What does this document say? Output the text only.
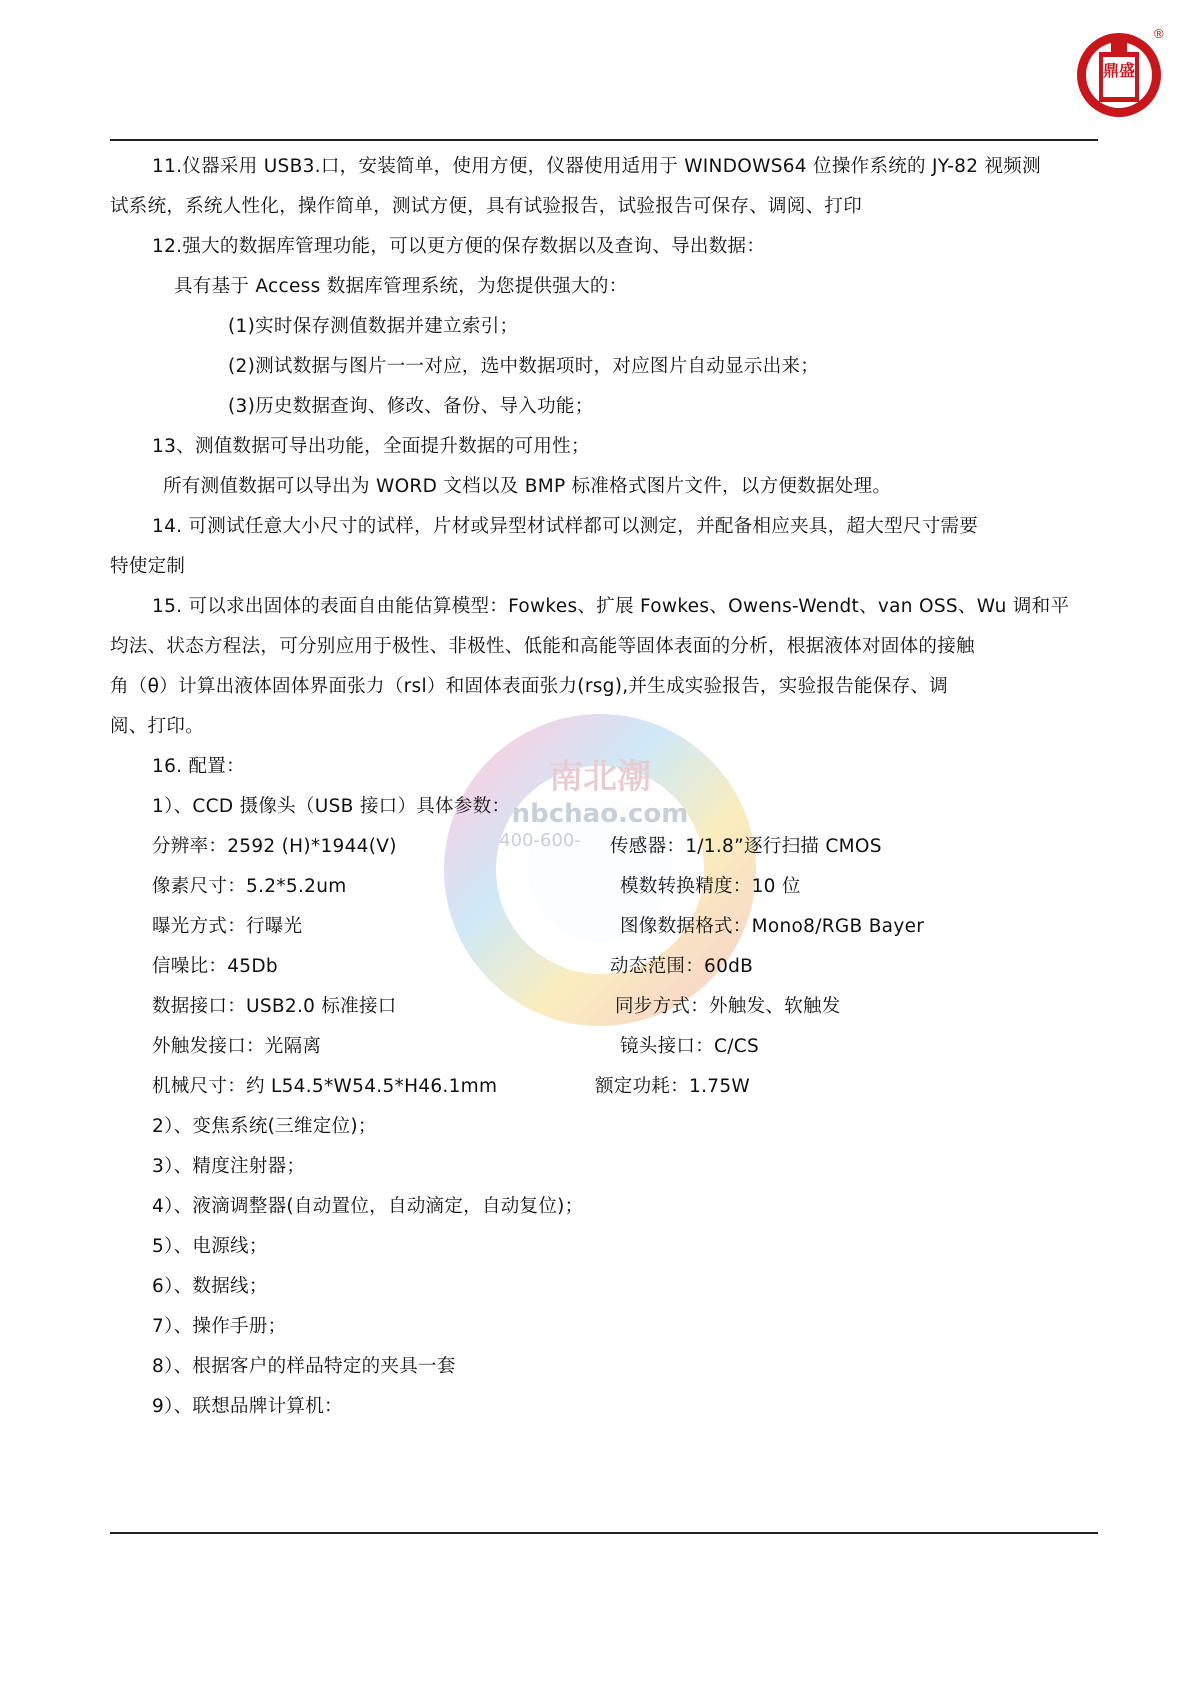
鼎盛
®
南北潮
nbchao.com
400-600-
11.仪器采用 USB3.口，安装简单，使用方便，仪器使用适用于 WINDOWS64 位操作系统的 JY-82 视频测
试系统，系统人性化，操作简单，测试方便，具有试验报告，试验报告可保存、调阅、打印
12.强大的数据库管理功能，可以更方便的保存数据以及查询、导出数据：
具有基于 Access 数据库管理系统，为您提供强大的：
(1)实时保存测值数据并建立索引；
(2)测试数据与图片一一对应，选中数据项时，对应图片自动显示出来；
(3)历史数据查询、修改、备份、导入功能；
13、测值数据可导出功能，全面提升数据的可用性；
所有测值数据可以导出为 WORD 文档以及 BMP 标准格式图片文件，以方便数据处理。
14. 可测试任意大小尺寸的试样，片材或异型材试样都可以测定，并配备相应夹具，超大型尺寸需要
特使定制
15. 可以求出固体的表面自由能估算模型：Fowkes、扩展 Fowkes、Owens-Wendt、van OSS、Wu 调和平
均法、状态方程法，可分别应用于极性、非极性、低能和高能等固体表面的分析，根据液体对固体的接触
角（θ）计算出液体固体界面张力（rsl）和固体表面张力(rsg),并生成实验报告，实验报告能保存、调
阅、打印。
16. 配置：
1）、CCD 摄像头（USB 接口）具体参数：
分辨率：2592 (H)*1944(V)	传感器：1/1.8”逐行扫描 CMOS
像素尺寸：5.2*5.2um	模数转换精度：10 位
曝光方式：行曝光	图像数据格式：Mono8/RGB Bayer
信噪比：45Db	动态范围：60dB
数据接口：USB2.0 标准接口	同步方式：外触发、软触发
外触发接口：光隔离	镜头接口：C/CS
机械尺寸：约 L54.5*W54.5*H46.1mm	额定功耗：1.75W
2）、变焦系统(三维定位)；
3）、精度注射器；
4）、液滴调整器(自动置位，自动滴定，自动复位)；
5）、电源线；
6）、数据线；
7）、操作手册；
8）、根据客户的样品特定的夹具一套
9）、联想品牌计算机：
